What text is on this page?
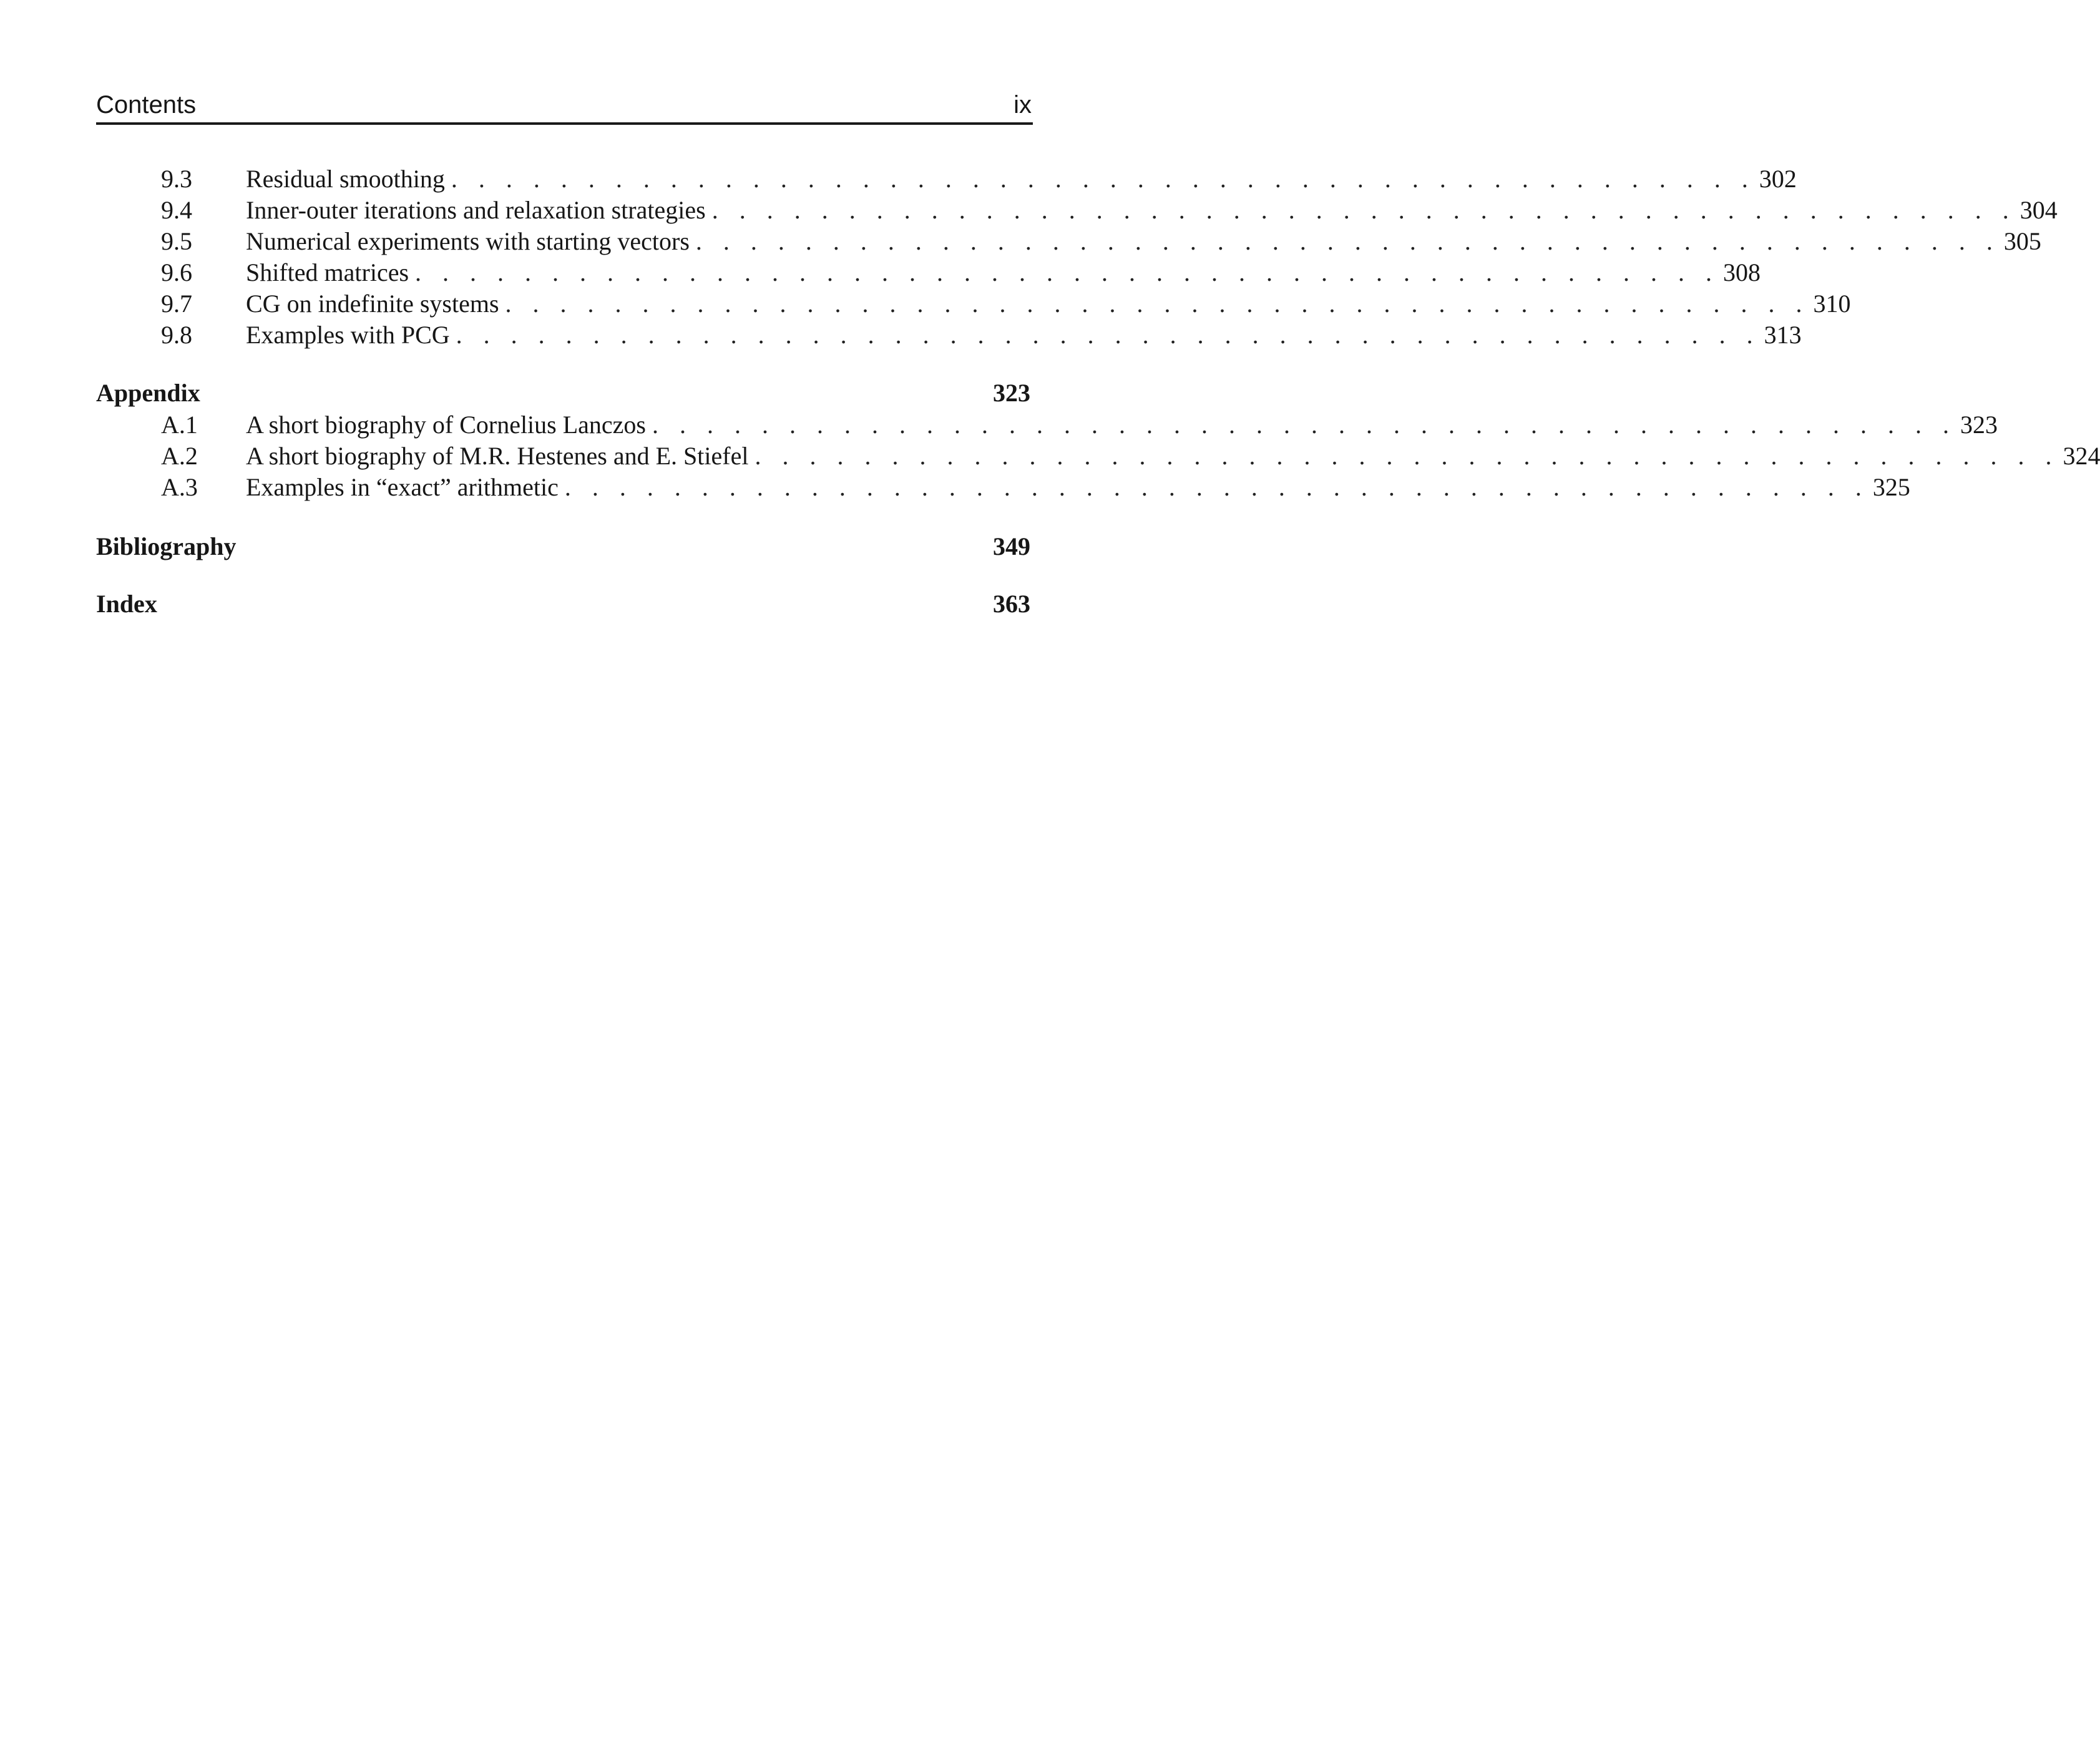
Contents	ix
9.3 Residual smoothing . . . . . . . . . . . . . . . . . . . . . . . . . . . . . . . . . . . . . . . . . . . . . . . . 302
9.4 Inner-outer iterations and relaxation strategies . . . . . . . . . . . . . . . . . . . . . . . . . . . . . . . . . . . . . . . . . . . . . . . . 304
9.5 Numerical experiments with starting vectors . . . . . . . . . . . . . . . . . . . . . . . . . . . . . . . . . . . . . . . . . . . . . . . . 305
9.6 Shifted matrices . . . . . . . . . . . . . . . . . . . . . . . . . . . . . . . . . . . . . . . . . . . . . . . . 308
9.7 CG on indefinite systems . . . . . . . . . . . . . . . . . . . . . . . . . . . . . . . . . . . . . . . . . . . . . . . . 310
9.8 Examples with PCG . . . . . . . . . . . . . . . . . . . . . . . . . . . . . . . . . . . . . . . . . . . . . . . . 313
Appendix	323
A.1 A short biography of Cornelius Lanczos . . . . . . . . . . . . . . . . . . . . . . . . . . . . . . . . . . . . . . . . . . . . . . . . 323
A.2 A short biography of M.R. Hestenes and E. Stiefel . . . . . . . . . . . . . . . . . . . . . . . . . . . . . . . . . . . . . . . . . . . . . . . . 324
A.3 Examples in “exact” arithmetic . . . . . . . . . . . . . . . . . . . . . . . . . . . . . . . . . . . . . . . . . . . . . . . . 325
Bibliography	349
Index	363
